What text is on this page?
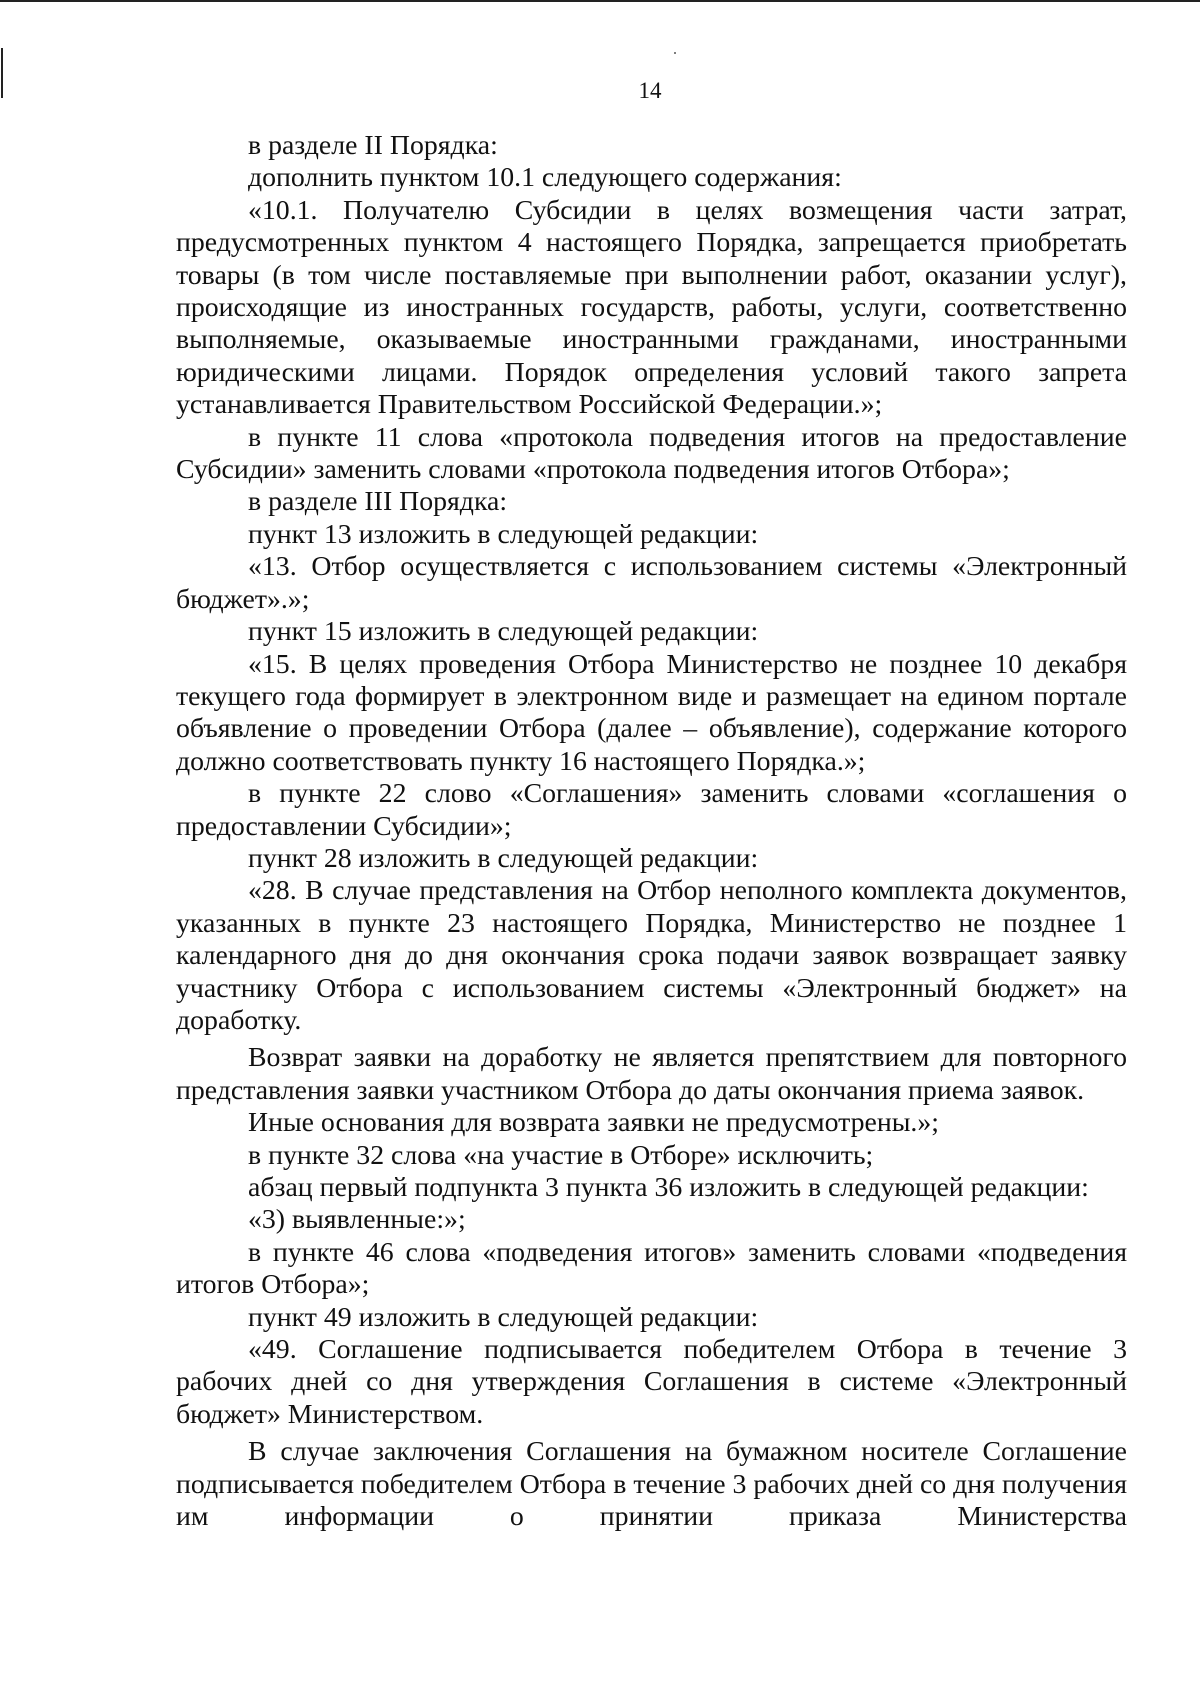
14

в разделе II Порядка:

дополнить пунктом 10.1 следующего содержания:

«10.1. Получателю Субсидии в целях возмещения части затрат, предусмотренных пунктом 4 настоящего Порядка, запрещается приобретать товары (в том числе поставляемые при выполнении работ, оказании услуг), происходящие из иностранных государств, работы, услуги, соответственно выполняемые, оказываемые иностранными гражданами, иностранными юридическими лицами. Порядок определения условий такого запрета устанавливается Правительством Российской Федерации.»;

в пункте 11 слова «протокола подведения итогов на предоставление Субсидии» заменить словами «протокола подведения итогов Отбора»;

в разделе III Порядка:

пункт 13 изложить в следующей редакции:

«13. Отбор осуществляется с использованием системы «Электронный бюджет».»;

пункт 15 изложить в следующей редакции:

«15. В целях проведения Отбора Министерство не позднее 10 декабря текущего года формирует в электронном виде и размещает на едином портале объявление о проведении Отбора (далее – объявление), содержание которого должно соответствовать пункту 16 настоящего Порядка.»;

в пункте 22 слово «Соглашения» заменить словами «соглашения о предоставлении Субсидии»;

пункт 28 изложить в следующей редакции:

«28. В случае представления на Отбор неполного комплекта документов, указанных в пункте 23 настоящего Порядка, Министерство не позднее 1 календарного дня до дня окончания срока подачи заявок возвращает заявку участнику Отбора с использованием системы «Электронный бюджет» на доработку.

Возврат заявки на доработку не является препятствием для повторного представления заявки участником Отбора до даты окончания приема заявок.

Иные основания для возврата заявки не предусмотрены.»;

в пункте 32 слова «на участие в Отборе» исключить;

абзац первый подпункта 3 пункта 36 изложить в следующей редакции:

«3) выявленные:»;

в пункте 46 слова «подведения итогов» заменить словами «подведения итогов Отбора»;

пункт 49 изложить в следующей редакции:

«49. Соглашение подписывается победителем Отбора в течение 3 рабочих дней со дня утверждения Соглашения в системе «Электронный бюджет» Министерством.

В случае заключения Соглашения на бумажном носителе Соглашение подписывается победителем Отбора в течение 3 рабочих дней со дня получения им информации о принятии приказа Министерства
